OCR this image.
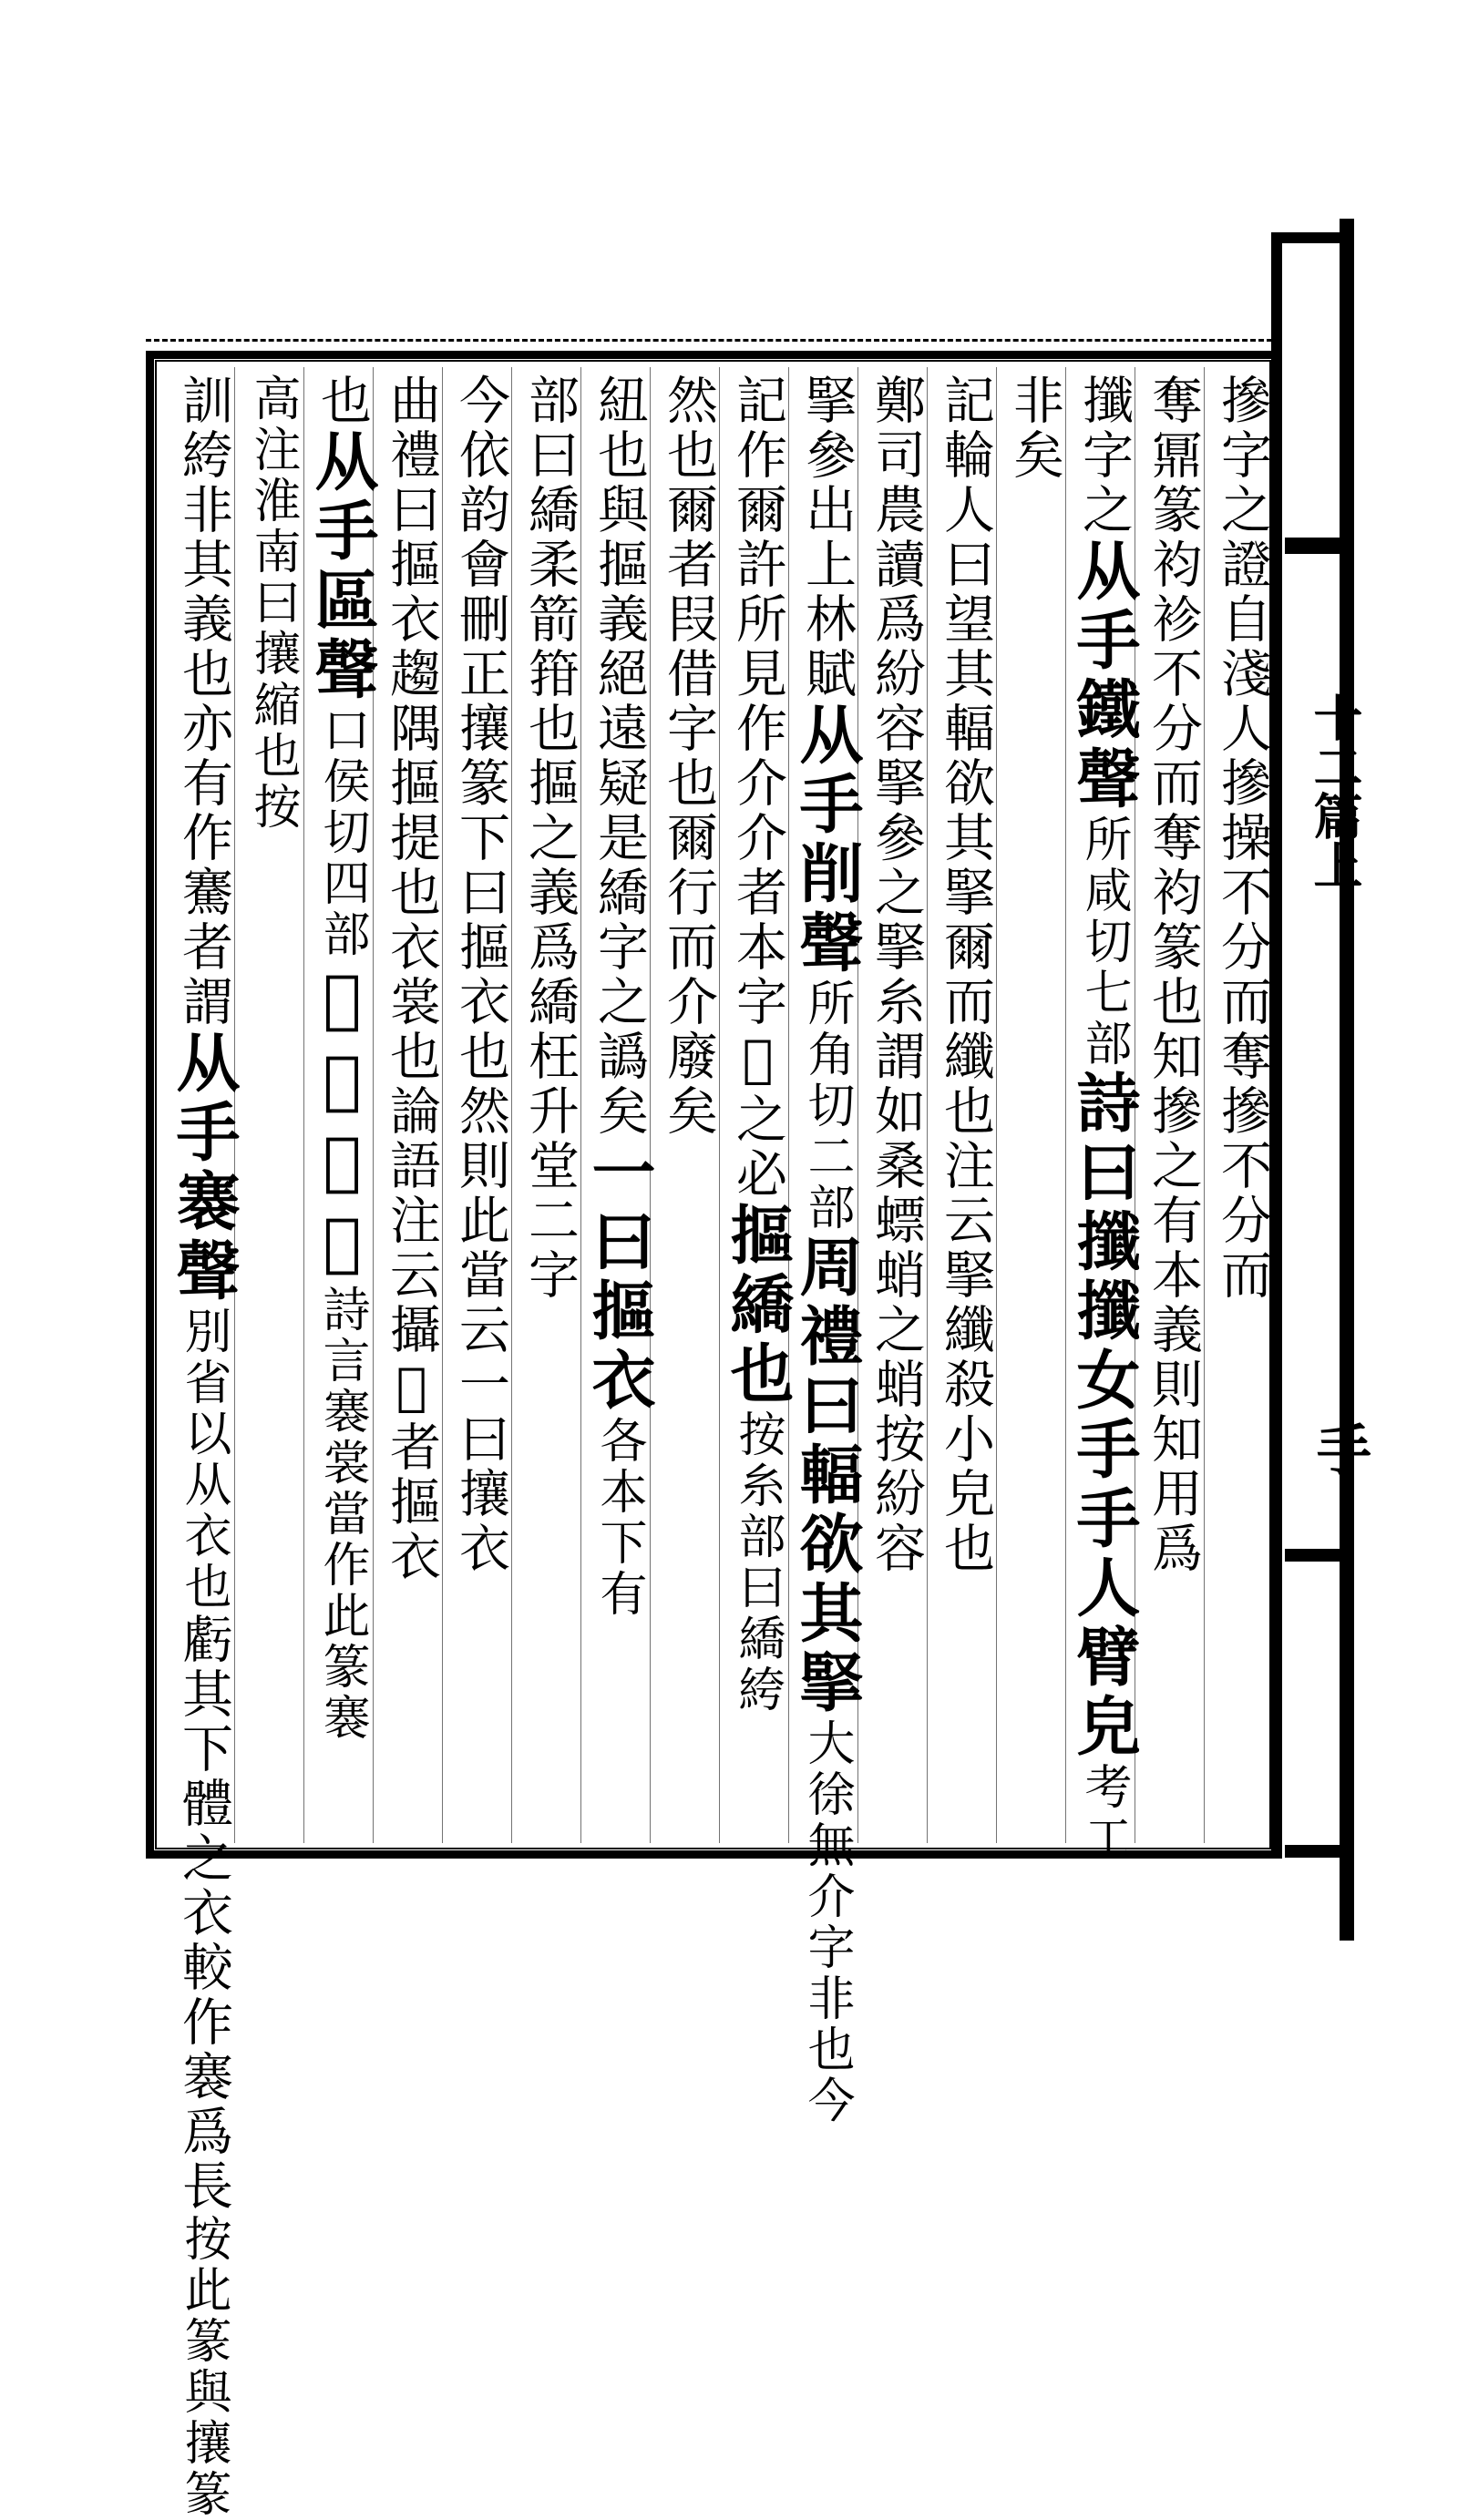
十二篇上
手
摻字之證自淺人摻操不分而奪摻不分而
奪鼏篆袀袗不分而奪袀篆也知摻之有本義則知用爲
攕字之从手鐵聲所咸切七部詩曰攕攕女手手人臂皃考工
非矣
記輪人曰望其輻欲其掔爾而纖也注云掔纖殺小皃也
鄭司農讀爲紛容掔參之掔糸謂如桑螵蛸之蛸按紛容
掔參出上林賦从手削聲所角切二部周禮曰輻欲其掔大徐無介字非也今
記作爾許所見作介介者本字𠕀之必摳繑也按糸部曰繑絝
然也爾者叚借字也爾行而介廢矣
紐也與摳義絕遠疑是繑字之譌矣一曰摳衣各本下有
部曰繑柔箭箝也摳之義爲繑枉升堂二字
今依韵會刪正攘篆下曰摳衣也然則此當云一曰攘衣
曲禮曰摳衣趨隅摳提也衣裳也論語注云攝𧞤者摳衣
也从手區聲口侯切四部𢹞摳衣也詩言褰裳當作此篆褰
高注淮南曰攘縮也按
訓絝非其義也亦有作騫者謂从手褰聲別省以从衣也虧其下體之衣較作褰爲長按此篆與攘篆
